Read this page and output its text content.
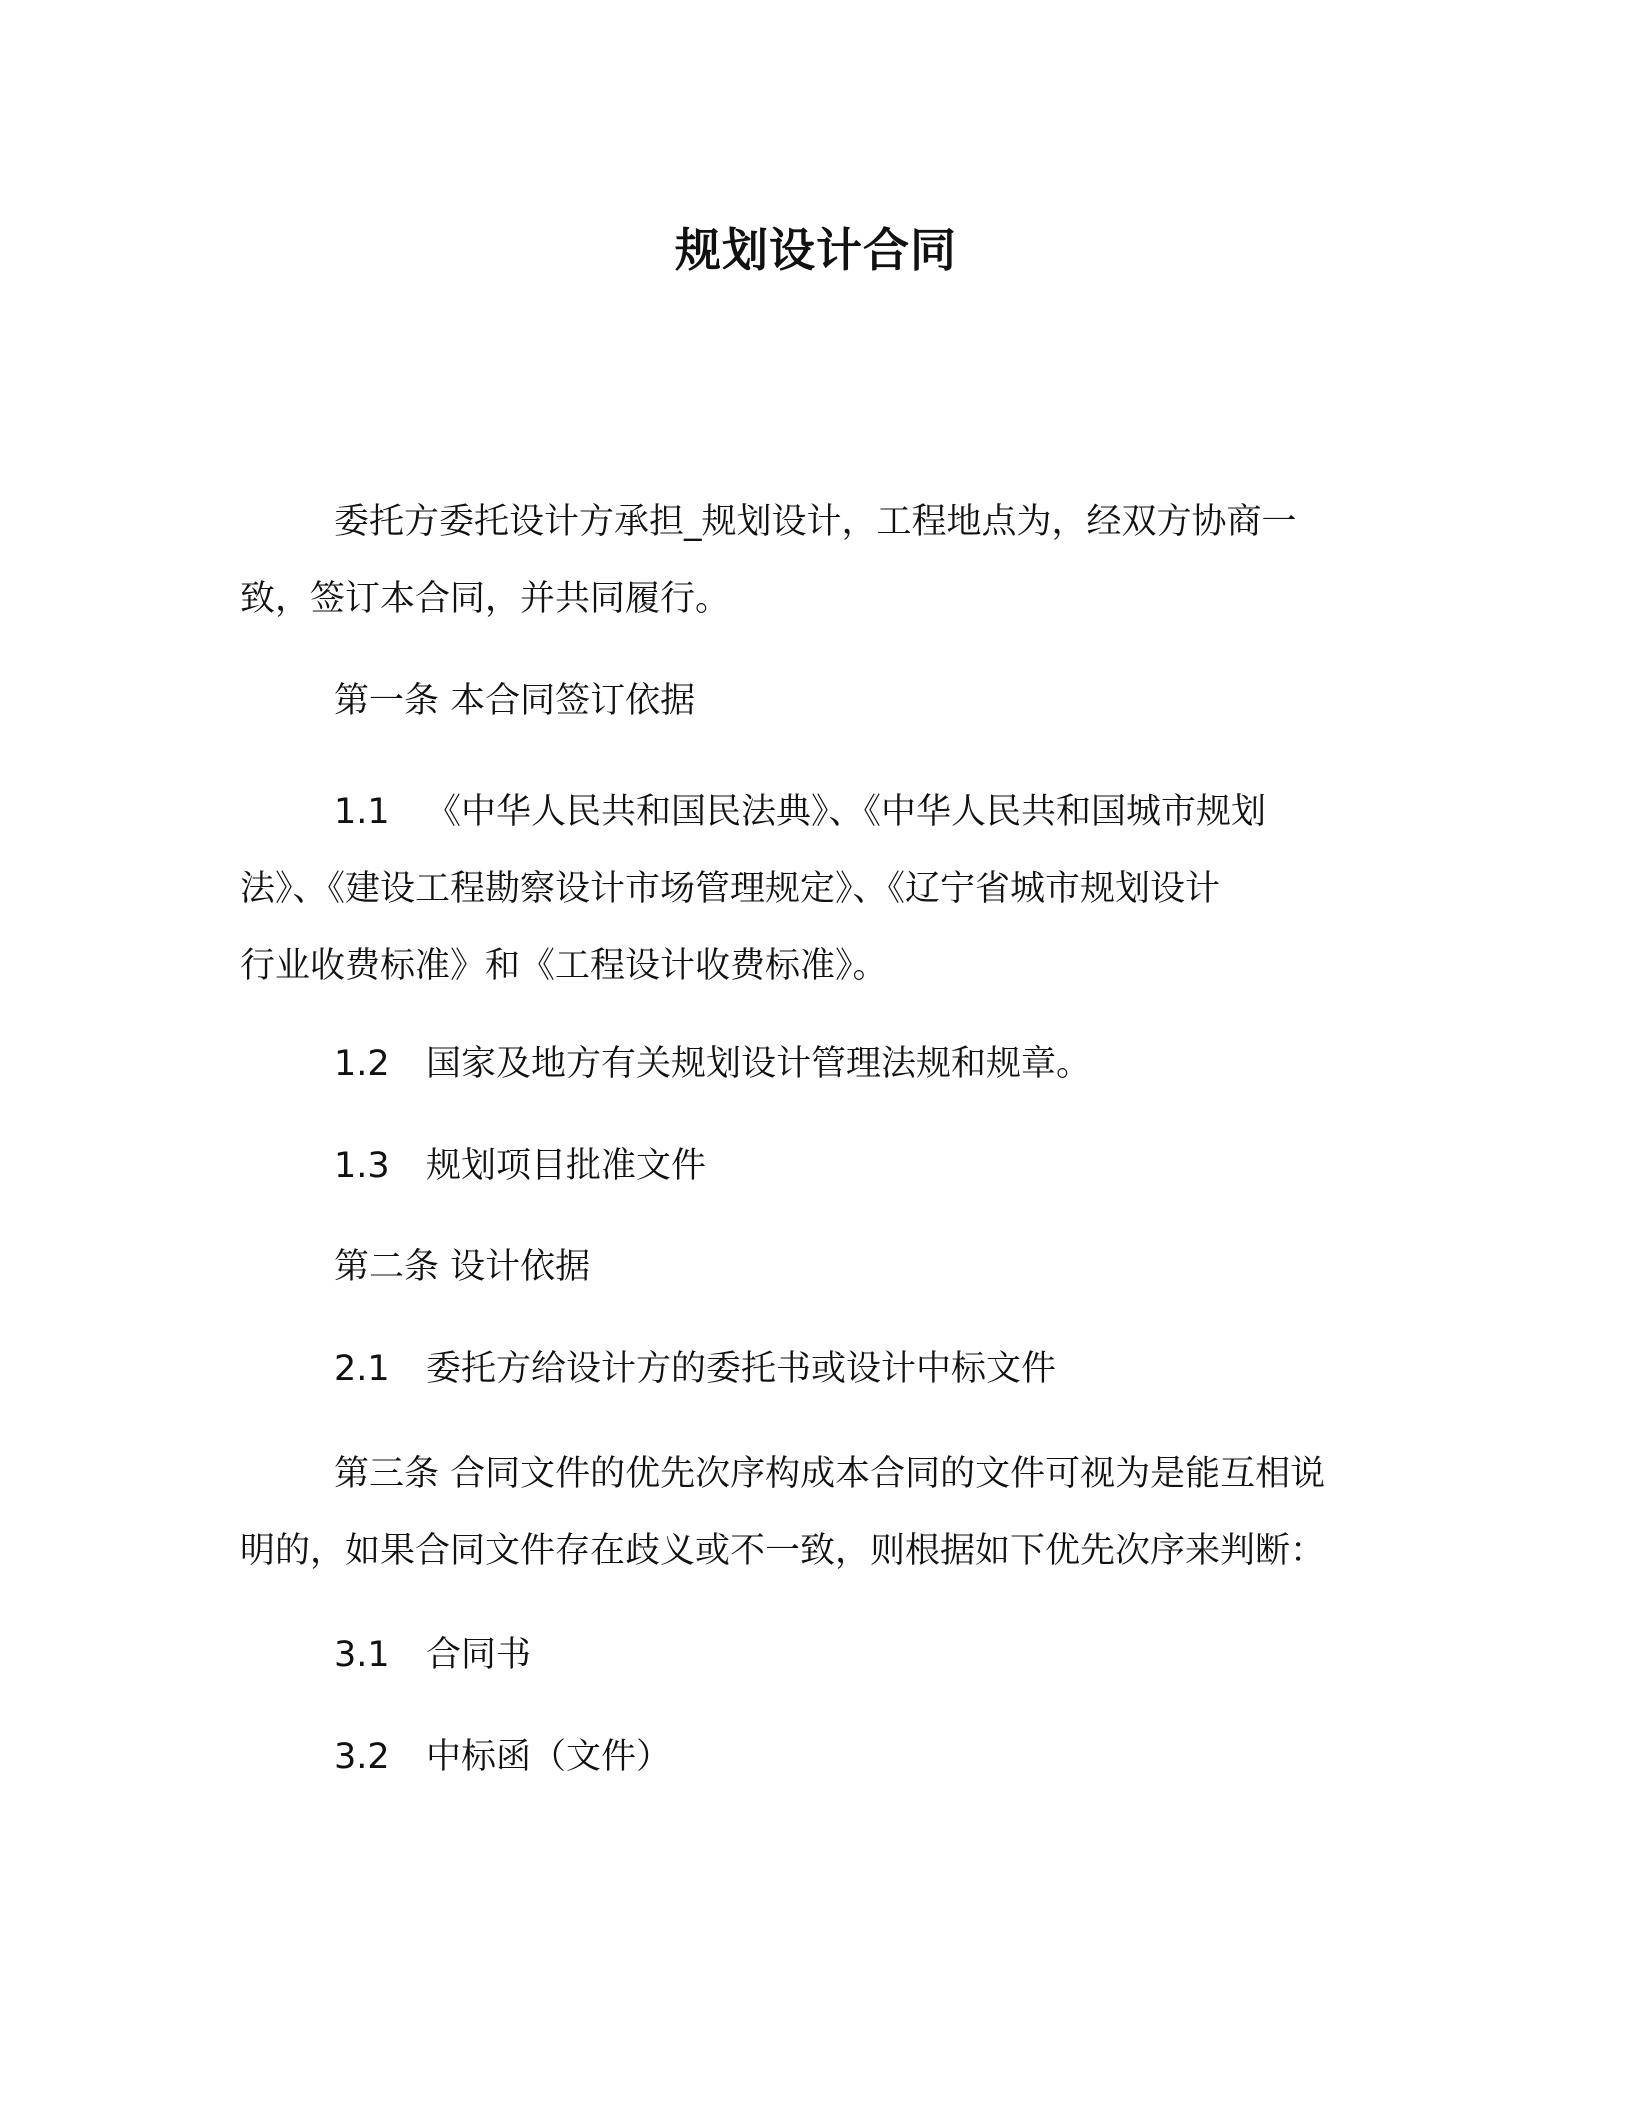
规划设计合同
委托方委托设计方承担_规划设计，工程地点为，经双方协商一
致，签订本合同，并共同履行。
第一条 本合同签订依据
1.1 《中华人民共和国民法典》、《中华人民共和国城市规划
法》、《建设工程勘察设计市场管理规定》、《辽宁省城市规划设计
行业收费标准》和《工程设计收费标准》。
1.2 国家及地方有关规划设计管理法规和规章。
1.3 规划项目批准文件
第二条 设计依据
2.1 委托方给设计方的委托书或设计中标文件
第三条 合同文件的优先次序构成本合同的文件可视为是能互相说
明的，如果合同文件存在歧义或不一致，则根据如下优先次序来判断：
3.1 合同书
3.2 中标函（文件）
